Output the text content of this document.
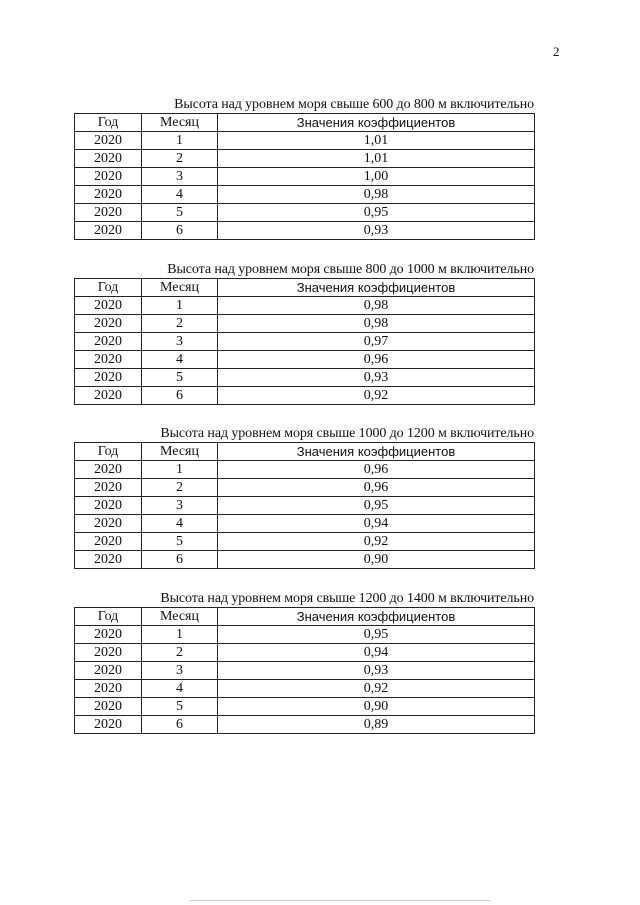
2
Высота над уровнем моря свыше 600 до 800 м включительно
Год	Месяц	Значения коэффициентов
2020	1	1,01
2020	2	1,01
2020	3	1,00
2020	4	0,98
2020	5	0,95
2020	6	0,93
Высота над уровнем моря свыше 800 до 1000 м включительно
Год	Месяц	Значения коэффициентов
2020	1	0,98
2020	2	0,98
2020	3	0,97
2020	4	0,96
2020	5	0,93
2020	6	0,92
Высота над уровнем моря свыше 1000 до 1200 м включительно
Год	Месяц	Значения коэффициентов
2020	1	0,96
2020	2	0,96
2020	3	0,95
2020	4	0,94
2020	5	0,92
2020	6	0,90
Высота над уровнем моря свыше 1200 до 1400 м включительно
Год	Месяц	Значения коэффициентов
2020	1	0,95
2020	2	0,94
2020	3	0,93
2020	4	0,92
2020	5	0,90
2020	6	0,89
